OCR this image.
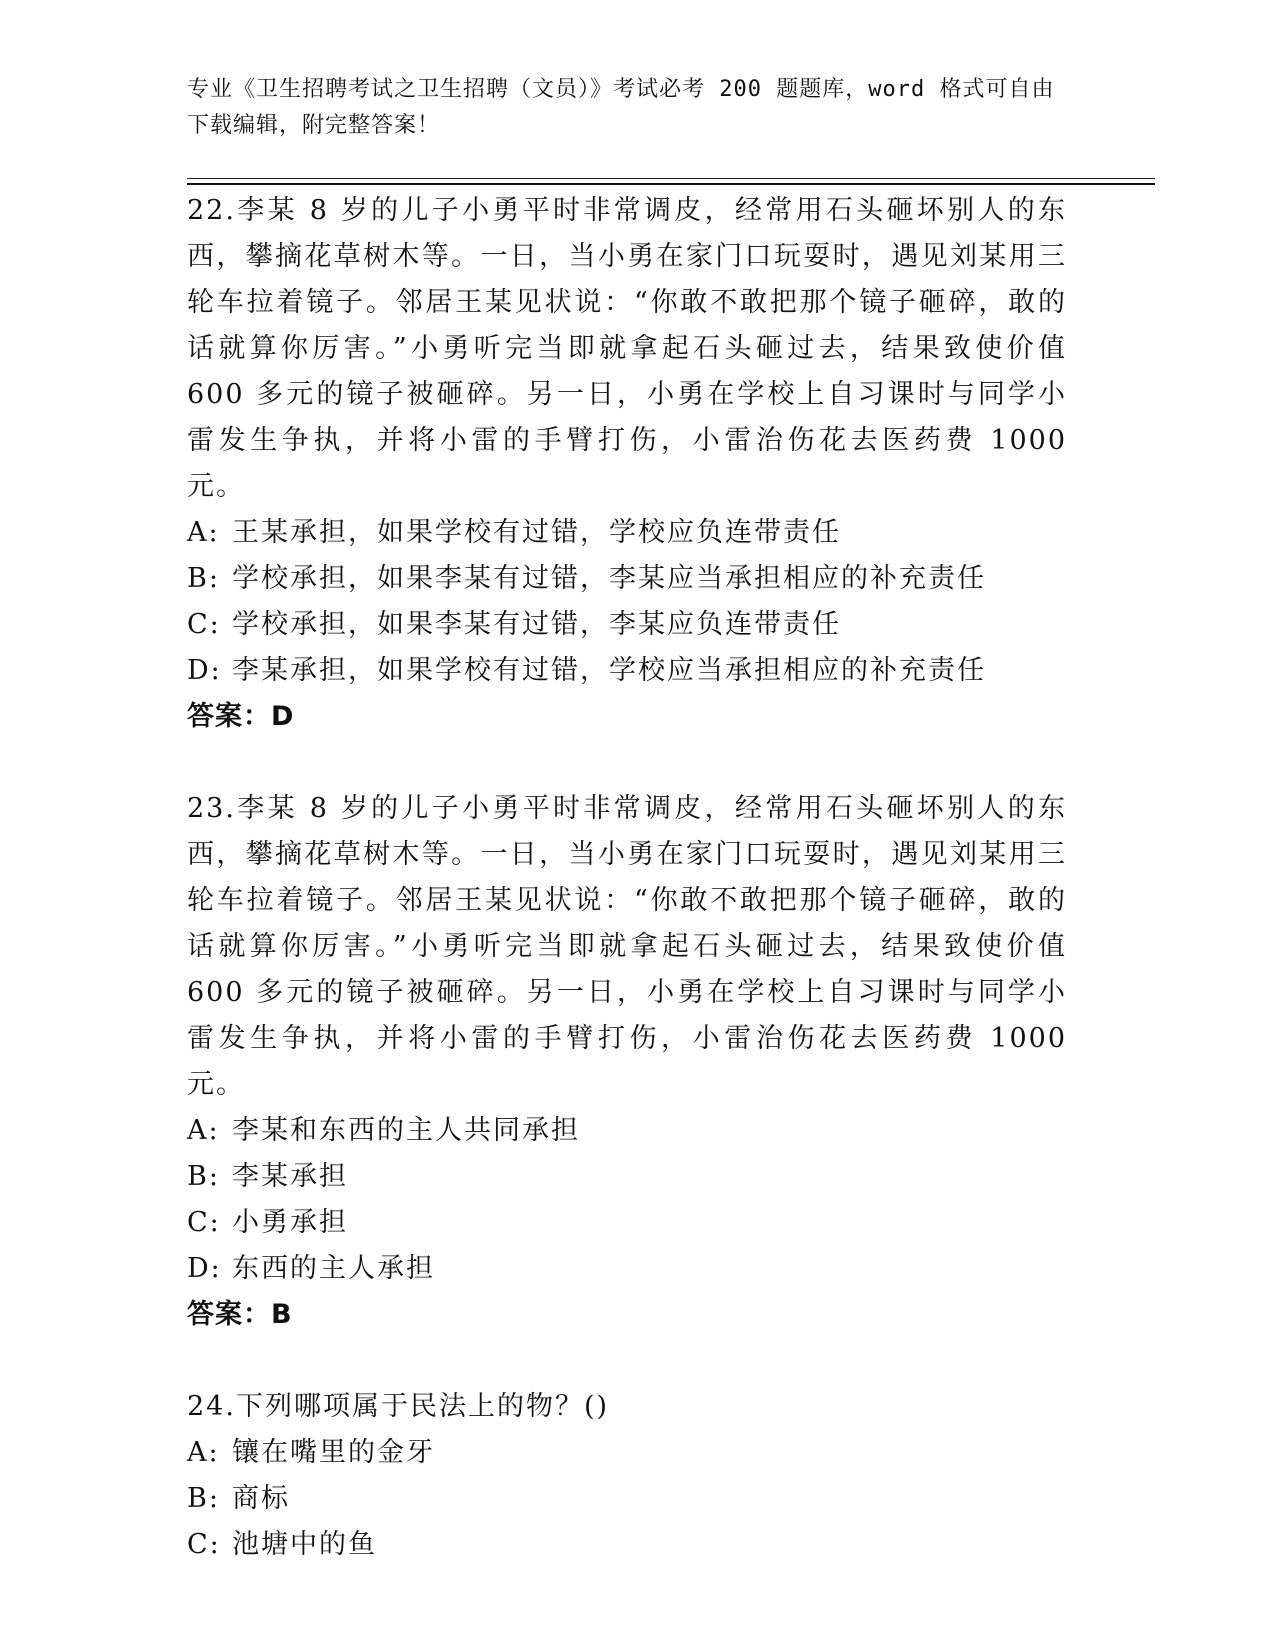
专业《卫生招聘考试之卫生招聘（文员）》考试必考 200 题题库，word 格式可自由下载编辑，附完整答案！

22.李某 8 岁的儿子小勇平时非常调皮，经常用石头砸坏别人的东西，攀摘花草树木等。一日，当小勇在家门口玩耍时，遇见刘某用三轮车拉着镜子。邻居王某见状说：“你敢不敢把那个镜子砸碎，敢的话就算你厉害。”小勇听完当即就拿起石头砸过去，结果致使价值 600 多元的镜子被砸碎。另一日，小勇在学校上自习课时与同学小雷发生争执，并将小雷的手臂打伤，小雷治伤花去医药费 1000 元。

A: 王某承担，如果学校有过错，学校应负连带责任

B: 学校承担，如果李某有过错，李某应当承担相应的补充责任

C: 学校承担，如果李某有过错，李某应负连带责任

D: 李某承担，如果学校有过错，学校应当承担相应的补充责任

答案：D

23.李某 8 岁的儿子小勇平时非常调皮，经常用石头砸坏别人的东西，攀摘花草树木等。一日，当小勇在家门口玩耍时，遇见刘某用三轮车拉着镜子。邻居王某见状说：“你敢不敢把那个镜子砸碎，敢的话就算你厉害。”小勇听完当即就拿起石头砸过去，结果致使价值 600 多元的镜子被砸碎。另一日，小勇在学校上自习课时与同学小雷发生争执，并将小雷的手臂打伤，小雷治伤花去医药费 1000 元。

A: 李某和东西的主人共同承担

B: 李某承担

C: 小勇承担

D: 东西的主人承担

答案：B

24.下列哪项属于民法上的物？()

A: 镶在嘴里的金牙

B: 商标

C: 池塘中的鱼
